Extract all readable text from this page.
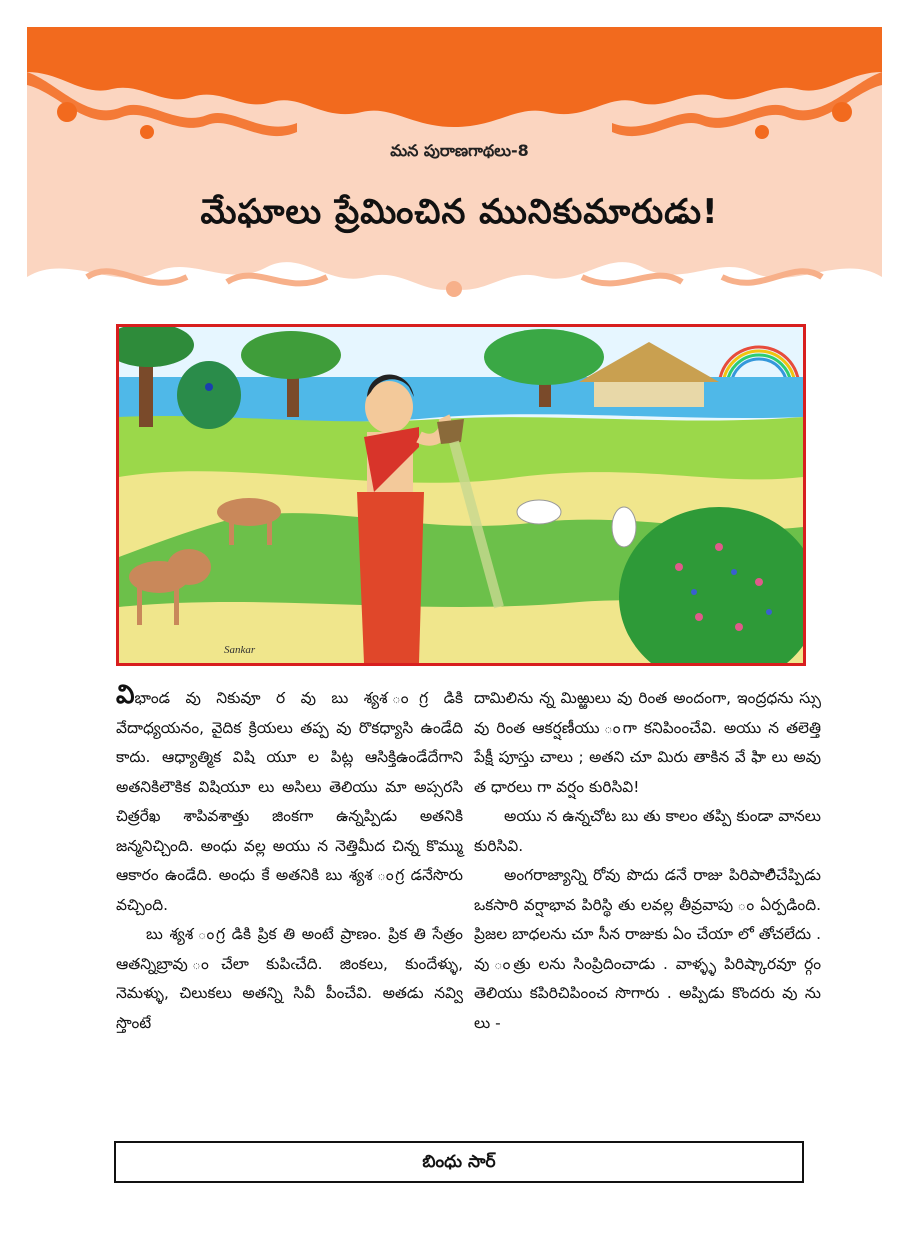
మన పురాణగాథలు-8
మేఘాలు ప్రేమించిన మునికుమారుడు!
Sankar

విభాండ వు నికువూ ర వు బు శ్యశ ంగ్ర డికి వేదాధ్యయనం, వైదిక క్రియలు తప్ప వు రొకధ్యాసి ఉండేది కాదు. ఆధ్యాత్మిక విషి యూ ల పిట్ల ఆసిక్తిఉండేదేగాని అతనికిలౌకిక విషియూ లు అసిలు తెలియు మా అప్సరసి చిత్రరేఖ శాపివశాత్తు జింకగా ఉన్నప్పిడు అతనికి జన్మనిచ్చింది. అంధు వల్ల అయు న నెత్తిమీద చిన్న కొమ్ము ఆకారం ఉండేది. అంధు కే అతనికి బు శ్యశ ంగ్ర డనేసొరు వచ్చింది.

బు శ్యశ ంగ్ర డికి ప్రిక తి అంటే ప్రాణం. ప్రిక తి సేత్రం ఆతన్నిబ్రావు ంచేలా కుపిఁచేది. జింకలు, కుందేళ్ళు, నెమళ్ళు, చిలుకలు అతన్ని సివీ పీంచేవి. అతడు నవ్వి స్తొంటే

దామిలిను న్న మిఱ్ఱులు వు రింత అందంగా, ఇంద్రధను స్సు వు రింత ఆకర్షణీయు ంగా కనిపింంచేవి. అయు న తలెత్తి పేక్షీ పూస్తు చాలు ; అతని చూ మిరు తాకిన వే ఫిా లు అవు త ధారలు గా వర్షం కురిసివి!

అయు న ఉన్నచోట బు తు కాలం తప్పి కుండా వానలు కురిసివి.

అంగరాజ్యాన్ని రోవు పొదు డనే రాజు పిరిపాలిిచేప్పిడు ఒకసారి వర్షాభావ పిరిస్థి తు లవల్ల తీవ్రవాపు ం ఏర్పడింది. ప్రిజల బాధలను చూ సీన రాజుకు ఏం చేయా లో తోచలేదు . వు ంత్రు లను సింప్రిదించాడు . వాళ్ళ్ళ పిరిష్కారవూ ర్గం తెలియు కపిరిచిపింంచ సొగారు . అప్పిడు కొందరు వు ను లు -

బింధు సార్
